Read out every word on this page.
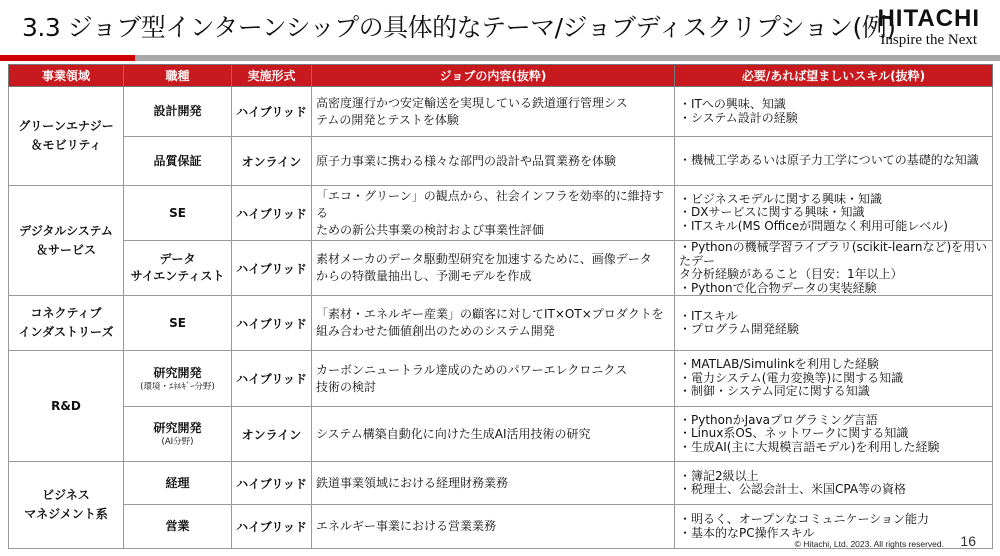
3.3 ジョブ型インターンシップの具体的なテーマ/ジョブディスクリプション(例)
HITACHI
Inspire the Next
事業領域	職種	実施形式	ジョブの内容(抜粋)	必要/あれば望ましいスキル(抜粋)

グリーンエナジー
＆モビリティ	設計開発	ハイブリッド	高密度運行かつ安定輸送を実現している鉄道運行管理シス
テムの開発とテストを体験	・ITへの興味、知識
・システム設計の経験

	品質保証	オンライン	原子力事業に携わる様々な部門の設計や品質業務を体験	・機械工学あるいは原子力工学についての基礎的な知識

デジタルシステム
＆サービス	SE	ハイブリッド	「エコ・グリーン」の観点から、社会インフラを効率的に維持する
ための新公共事業の検討および事業性評価	・ビジネスモデルに関する興味・知識
・DXサービスに関する興味・知識
・ITスキル(MS Officeが問題なく利用可能レベル)

	データ
サイエンティスト	ハイブリッド	素材メーカのデータ駆動型研究を加速するために、画像データ
からの特徴量抽出し、予測モデルを作成	・Pythonの機械学習ライブラリ(scikit-learnなど)を用いたデー
タ分析経験があること（目安：1年以上）
・Pythonで化合物データの実装経験

コネクティブ
インダストリーズ	SE	ハイブリッド	「素材・エネルギー産業」の顧客に対してIT×OT×プロダクトを
組み合わせた価値創出のためのシステム開発	・ITスキル
・プログラム開発経験

R&D	研究開発
(環境・ｴﾈﾙｷﾞｰ分野)	ハイブリッド	カーボンニュートラル達成のためのパワーエレクロニクス
技術の検討	・MATLAB/Simulinkを利用した経験
・電力システム(電力変換等)に関する知識
・制御・システム同定に関する知識

	研究開発
(AI分野)	オンライン	システム構築自動化に向けた生成AI活用技術の研究	・PythonかJavaプログラミング言語
・Linux系OS、ネットワークに関する知識
・生成AI(主に大規模言語モデル)を利用した経験

ビジネス
マネジメント系	経理	ハイブリッド	鉄道事業領域における経理財務業務	・簿記2級以上
・税理士、公認会計士、米国CPA等の資格

	営業	ハイブリッド	エネルギー事業における営業業務	・明るく、オープンなコミュニケーション能力
・基本的なPC操作スキル
© Hitachi, Ltd. 2023. All rights reserved. 16
